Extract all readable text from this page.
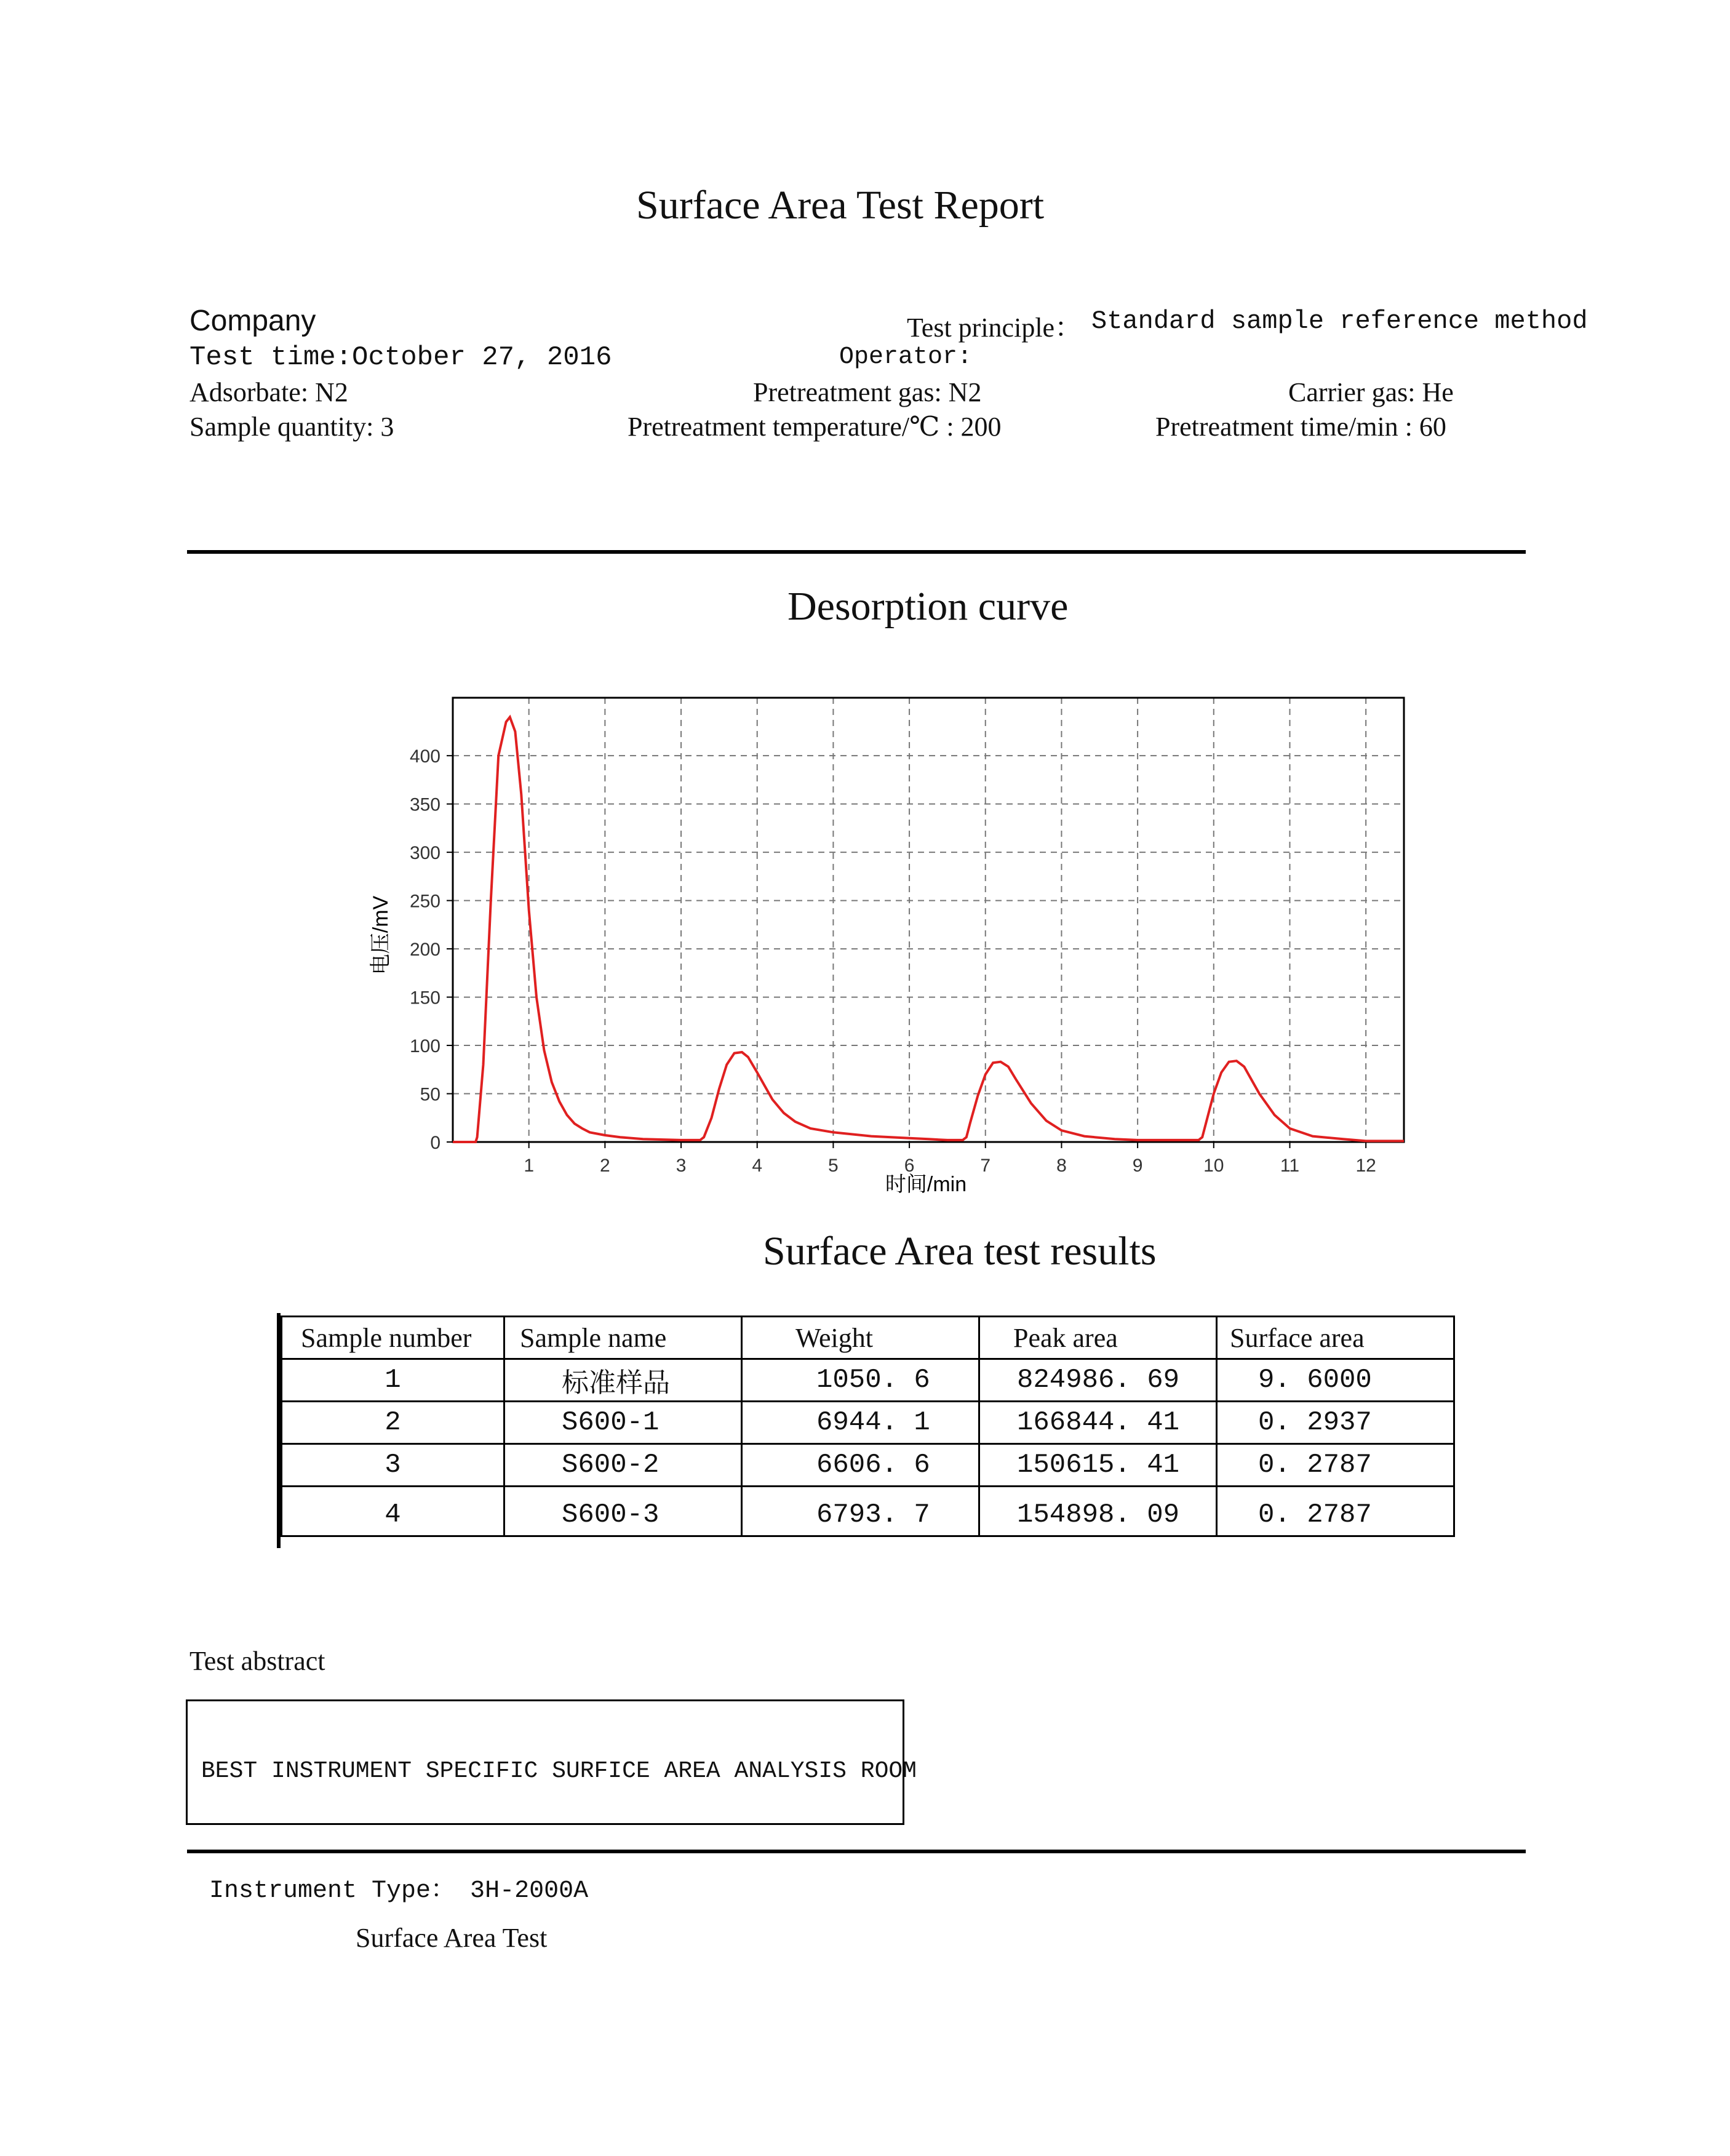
Surface Area Test Report
Company	Test principle： Standard sample reference method
Test time:October 27, 2016	Operator:
Adsorbate: N2	Pretreatment gas: N2	Carrier gas: He
Sample quantity: 3	Pretreatment temperature/℃ : 200	Pretreatment time/min : 60
Desorption curve
0
50
100
150
200
250
300
350
400
1	2	3	4	5	6	7	8	9	10	11	12
电压/mV
时间/min
Surface Area test results
Sample number	Sample name	Weight	Peak area	Surface area
1	标准样品	1050. 6	824986. 69	9. 6000
2	S600-1	6944. 1	166844. 41	0. 2937
3	S600-2	6606. 6	150615. 41	0. 2787
4	S600-3	6793. 7	154898. 09	0. 2787
Test abstract
BEST INSTRUMENT SPECIFIC SURFICE AREA ANALYSIS ROOM
Instrument Type： 3H-2000A
Surface Area Test
